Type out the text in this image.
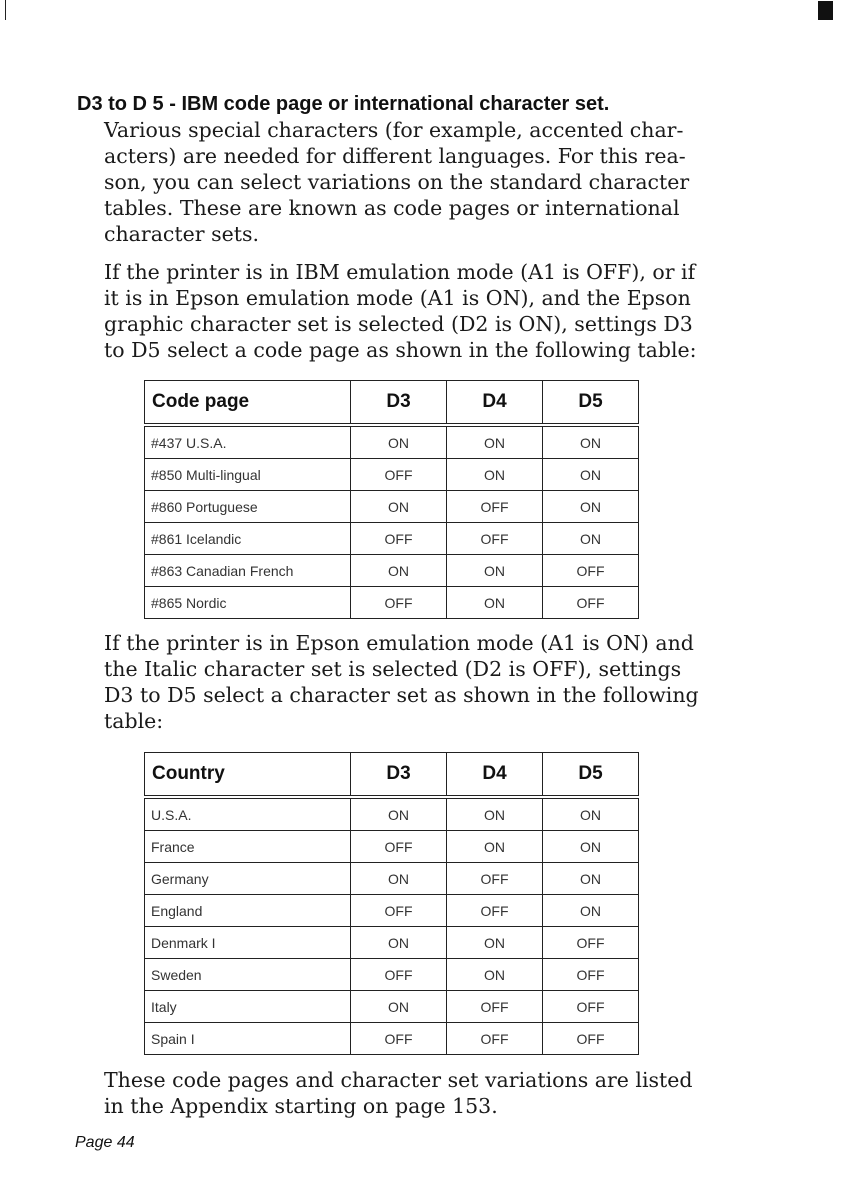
D3 to D 5 - IBM code page or international character set.

Various special characters (for example, accented char-
acters) are needed for different languages. For this rea-
son, you can select variations on the standard character
tables. These are known as code pages or international
character sets.

If the printer is in IBM emulation mode (A1 is OFF), or if
it is in Epson emulation mode (A1 is ON), and the Epson
graphic character set is selected (D2 is ON), settings D3
to D5 select a code page as shown in the following table:

Code page	D3	D4	D5
#437 U.S.A.	ON	ON	ON
#850 Multi-lingual	OFF	ON	ON
#860 Portuguese	ON	OFF	ON
#861 Icelandic	OFF	OFF	ON
#863 Canadian French	ON	ON	OFF
#865 Nordic	OFF	ON	OFF

If the printer is in Epson emulation mode (A1 is ON) and
the Italic character set is selected (D2 is OFF), settings
D3 to D5 select a character set as shown in the following
table:

Country	D3	D4	D5
U.S.A.	ON	ON	ON
France	OFF	ON	ON
Germany	ON	OFF	ON
England	OFF	OFF	ON
Denmark I	ON	ON	OFF
Sweden	OFF	ON	OFF
Italy	ON	OFF	OFF
Spain I	OFF	OFF	OFF

These code pages and character set variations are listed
in the Appendix starting on page 153.

Page 44
